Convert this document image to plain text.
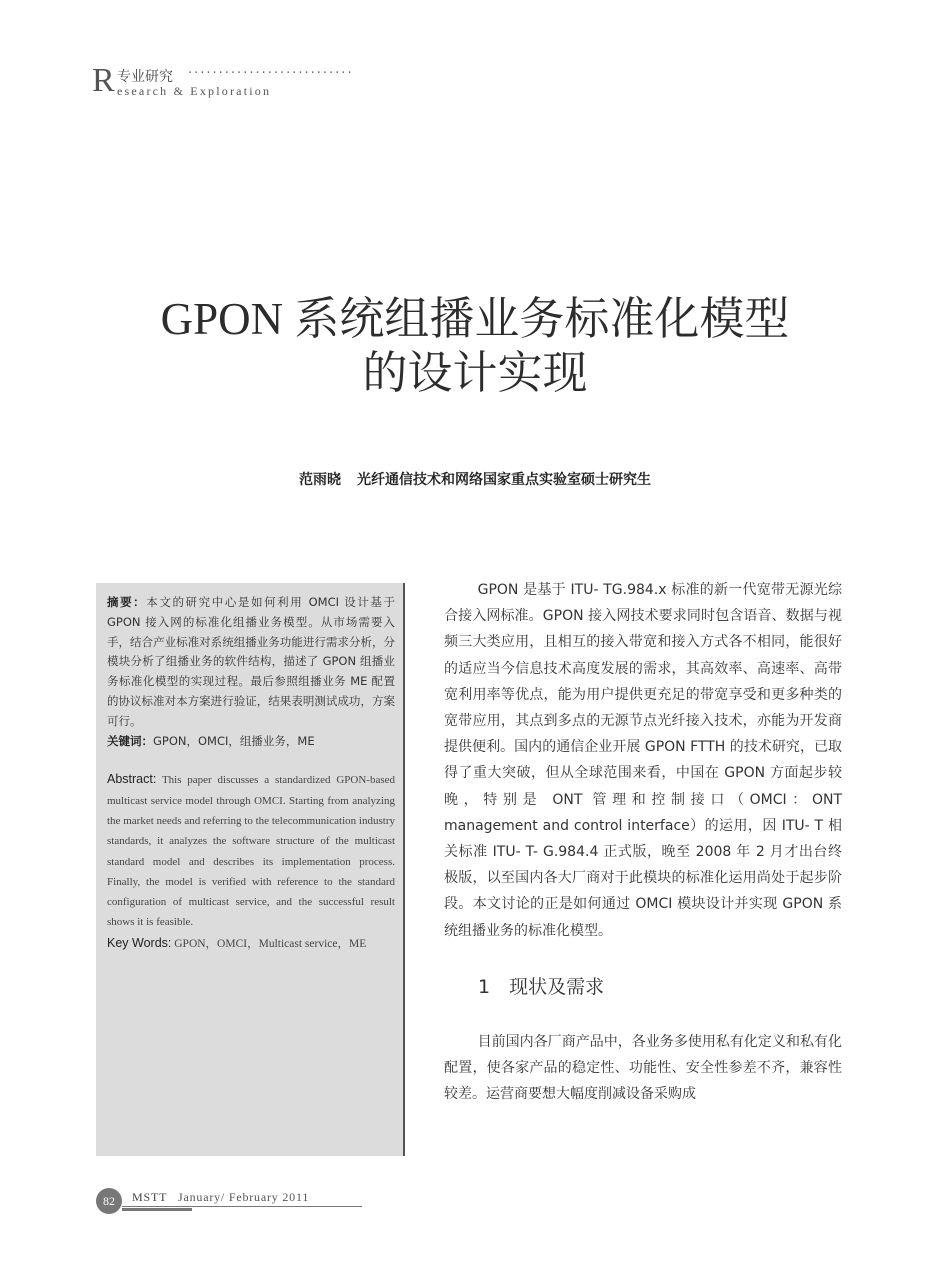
R 专业研究 ···························
esearch & Exploration
GPON 系统组播业务标准化模型
的设计实现
范雨晓 光纤通信技术和网络国家重点实验室硕士研究生

摘要：本文的研究中心是如何利用 OMCI 设计基于 GPON 接入网的标准化组播业务模型。从市场需要入手，结合产业标准对系统组播业务功能进行需求分析，分模块分析了组播业务的软件结构，描述了 GPON 组播业务标准化模型的实现过程。最后参照组播业务 ME 配置的协议标准对本方案进行验证，结果表明测试成功，方案可行。

关键词：GPON，OMCI，组播业务，ME

Abstract: This paper discusses a standardized GPON-based multicast service model through OMCI. Starting from analyzing the market needs and referring to the telecommunication industry standards, it analyzes the software structure of the multicast standard model and describes its implementation process. Finally, the model is verified with reference to the standard configuration of multicast service, and the successful result shows it is feasible.

Key Words: GPON，OMCI，Multicast service，ME

GPON 是基于 ITU- TG.984.x 标准的新一代宽带无源光综合接入网标准。GPON 接入网技术要求同时包含语音、数据与视频三大类应用，且相互的接入带宽和接入方式各不相同，能很好的适应当今信息技术高度发展的需求，其高效率、高速率、高带宽利用率等优点，能为用户提供更充足的带宽享受和更多种类的宽带应用，其点到多点的无源节点光纤接入技术，亦能为开发商提供便利。国内的通信企业开展 GPON FTTH 的技术研究，已取得了重大突破，但从全球范围来看，中国在 GPON 方面起步较晚，特别是 ONT 管理和控制接口（OMCI：ONT management and control interface）的运用，因 ITU- T 相关标准 ITU- T- G.984.4 正式版，晚至 2008 年 2 月才出台终极版，以至国内各大厂商对于此模块的标准化运用尚处于起步阶段。本文讨论的正是如何通过 OMCI 模块设计并实现 GPON 系统组播业务的标准化模型。

1　现状及需求

目前国内各厂商产品中，各业务多使用私有化定义和私有化配置，使各家产品的稳定性、功能性、安全性参差不齐，兼容性较差。运营商要想大幅度削减设备采购成

82	MSTT January/ February 2011
